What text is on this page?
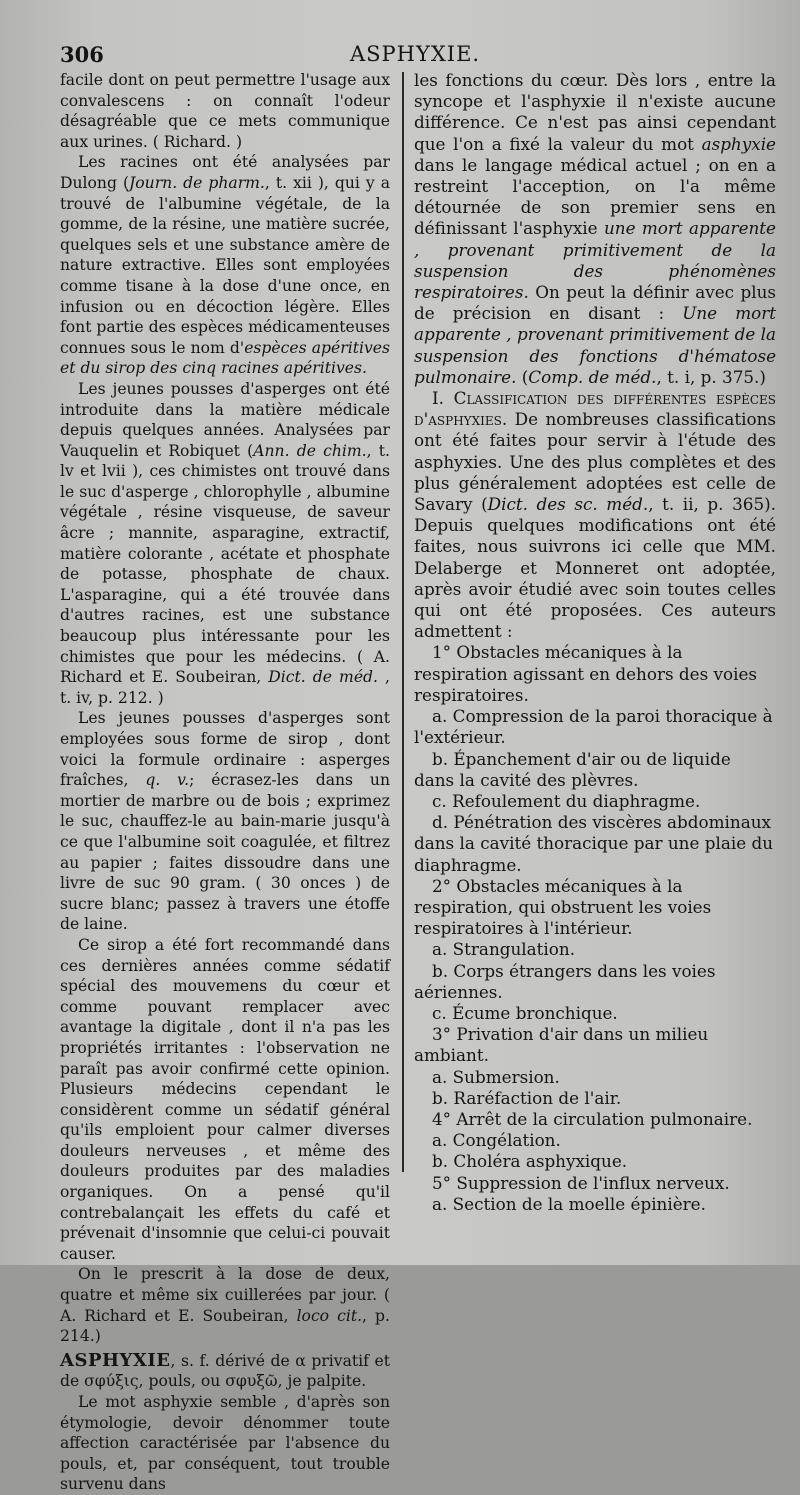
306	ASPHYXIE.

facile dont on peut permettre l'usage aux convalescens : on connaît l'odeur désagréable que ce mets communique aux urines. ( Richard. )

Les racines ont été analysées par Dulong (Journ. de pharm., t. xii ), qui y a trouvé de l'albumine végétale, de la gomme, de la résine, une matière sucrée, quelques sels et une substance amère de nature extractive. Elles sont employées comme tisane à la dose d'une once, en infusion ou en décoction légère. Elles font partie des espèces médicamenteuses connues sous le nom d'espèces apéritives et du sirop des cinq racines apéritives.

Les jeunes pousses d'asperges ont été introduite dans la matière médicale depuis quelques années. Analysées par Vauquelin et Robiquet (Ann. de chim., t. lv et lvii ), ces chimistes ont trouvé dans le suc d'asperge , chlorophylle , albumine végétale , résine visqueuse, de saveur âcre ; mannite, asparagine, extractif, matière colorante , acétate et phosphate de potasse, phosphate de chaux. L'asparagine, qui a été trouvée dans d'autres racines, est une substance beaucoup plus intéressante pour les chimistes que pour les médecins. ( A. Richard et E. Soubeiran, Dict. de méd. , t. iv, p. 212. )

Les jeunes pousses d'asperges sont employées sous forme de sirop , dont voici la formule ordinaire : asperges fraîches, q. v.; écrasez-les dans un mortier de marbre ou de bois ; exprimez le suc, chauffez-le au bain-marie jusqu'à ce que l'albumine soit coagulée, et filtrez au papier ; faites dissoudre dans une livre de suc 90 gram. ( 30 onces ) de sucre blanc; passez à travers une étoffe de laine.

Ce sirop a été fort recommandé dans ces dernières années comme sédatif spécial des mouvemens du cœur et comme pouvant remplacer avec avantage la digitale , dont il n'a pas les propriétés irritantes : l'observation ne paraît pas avoir confirmé cette opinion. Plusieurs médecins cependant le considèrent comme un sédatif général qu'ils emploient pour calmer diverses douleurs nerveuses , et même des douleurs produites par des maladies organiques. On a pensé qu'il contrebalançait les effets du café et prévenait d'insomnie que celui-ci pouvait causer.

On le prescrit à la dose de deux, quatre et même six cuillerées par jour. ( A. Richard et E. Soubeiran, loco cit., p. 214.)

ASPHYXIE, s. f. dérivé de α privatif et de σφύξις, pouls, ou σφυξῶ, je palpite.

Le mot asphyxie semble , d'après son étymologie, devoir dénommer toute affection caractérisée par l'absence du pouls, et, par conséquent, tout trouble survenu dans

les fonctions du cœur. Dès lors , entre la syncope et l'asphyxie il n'existe aucune différence. Ce n'est pas ainsi cependant que l'on a fixé la valeur du mot asphyxie dans le langage médical actuel ; on en a restreint l'acception, on l'a même détournée de son premier sens en définissant l'asphyxie une mort apparente , provenant primitivement de la suspension des phénomènes respiratoires. On peut la définir avec plus de précision en disant : Une mort apparente , provenant primitivement de la suspension des fonctions d'hématose pulmonaire. (Comp. de méd., t. i, p. 375.)

I. Classification des différentes espèces d'asphyxies. De nombreuses classifications ont été faites pour servir à l'étude des asphyxies. Une des plus complètes et des plus généralement adoptées est celle de Savary (Dict. des sc. méd., t. ii, p. 365). Depuis quelques modifications ont été faites, nous suivrons ici celle que MM. Delaberge et Monneret ont adoptée, après avoir étudié avec soin toutes celles qui ont été proposées. Ces auteurs admettent :

1° Obstacles mécaniques à la respiration agissant en dehors des voies respiratoires.

a. Compression de la paroi thoracique à l'extérieur.

b. Épanchement d'air ou de liquide dans la cavité des plèvres.

c. Refoulement du diaphragme.

d. Pénétration des viscères abdominaux dans la cavité thoracique par une plaie du diaphragme.

2° Obstacles mécaniques à la respiration, qui obstruent les voies respiratoires à l'intérieur.

a. Strangulation.

b. Corps étrangers dans les voies aériennes.

c. Écume bronchique.

3° Privation d'air dans un milieu ambiant.

a. Submersion.

b. Raréfaction de l'air.

4° Arrêt de la circulation pulmonaire.

a. Congélation.

b. Choléra asphyxique.

5° Suppression de l'influx nerveux.

a. Section de la moelle épinière.
